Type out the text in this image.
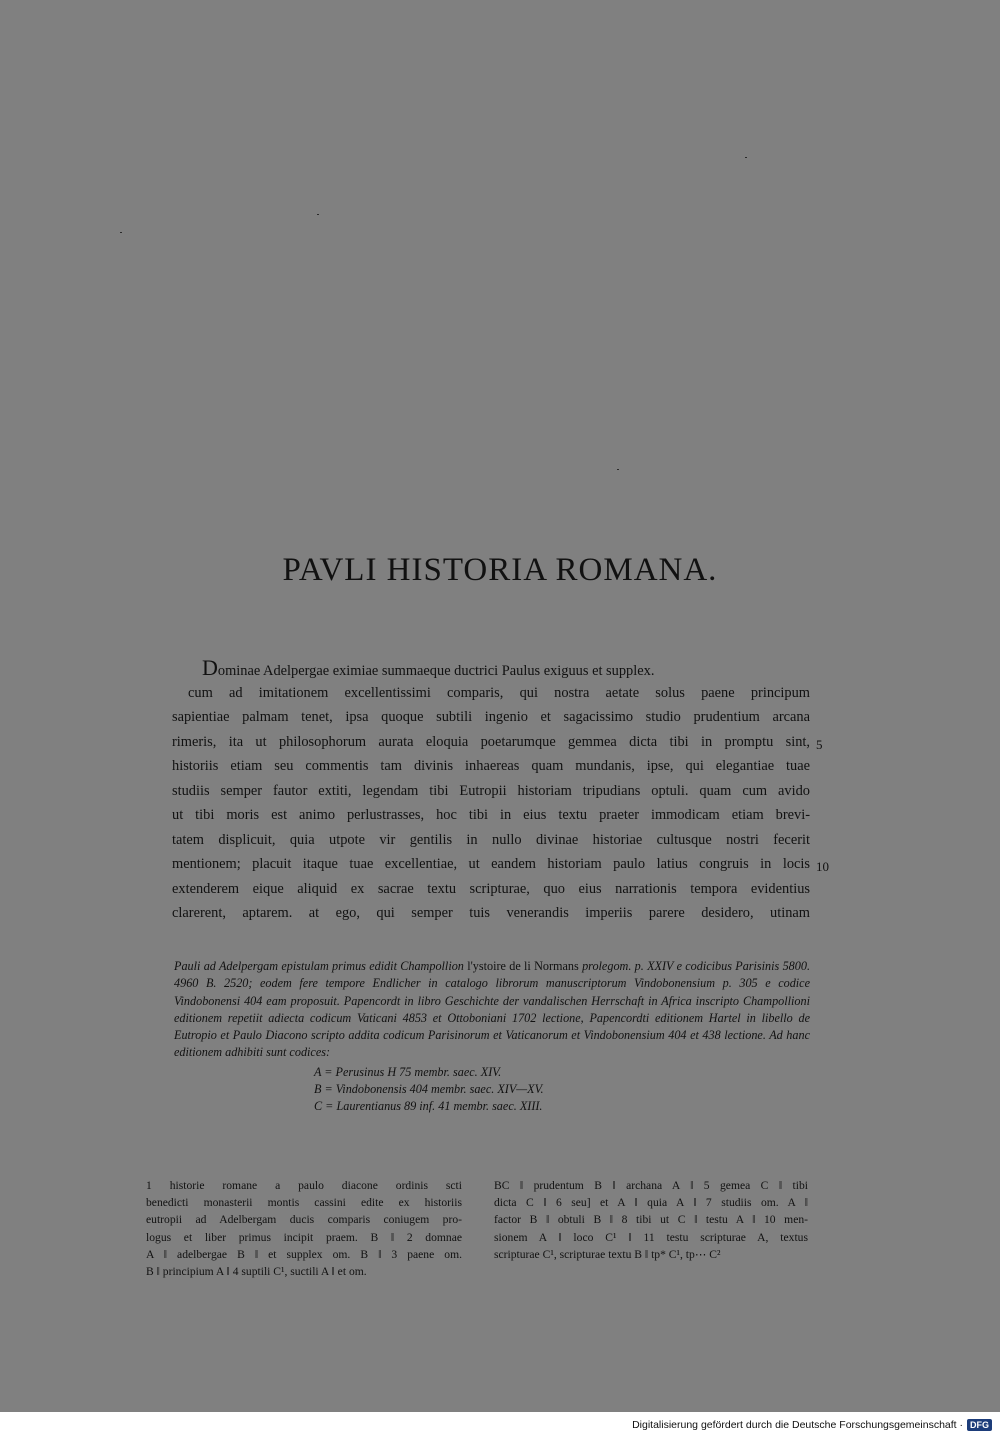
PAVLI HISTORIA ROMANA.
Dominae Adelpergae eximiae summaeque ductrici Paulus exiguus et supplex.
cum ad imitationem excellentissimi comparis, qui nostra aetate solus paene principum
sapientiae palmam tenet, ipsa quoque subtili ingenio et sagacissimo studio prudentium arcana
rimeris, ita ut philosophorum aurata eloquia poetarumque gemmea dicta tibi in promptu sint,
historiis etiam seu commentis tam divinis inhaereas quam mundanis, ipse, qui elegantiae tuae
studiis semper fautor extiti, legendam tibi Eutropii historiam tripudians optuli. quam cum avido
ut tibi moris est animo perlustrasses, hoc tibi in eius textu praeter immodicam etiam brevi-
tatem displicuit, quia utpote vir gentilis in nullo divinae historiae cultusque nostri fecerit
mentionem; placuit itaque tuae excellentiae, ut eandem historiam paulo latius congruis in locis
extenderem eique aliquid ex sacrae textu scripturae, quo eius narrationis tempora evidentius
clarerent, aptarem. at ego, qui semper tuis venerandis imperiis parere desidero, utinam
5
10

Pauli ad Adelpergam epistulam primus edidit Champollion l'ystoire de li Normans prolegom. p. XXIV e codicibus Parisinis 5800. 4960 B. 2520; eodem fere tempore Endlicher in catalogo librorum manuscriptorum Vindobonensium p. 305 e codice Vindobonensi 404 eam proposuit. Papencordt in libro Geschichte der vandalischen Herrschaft in Africa inscripto Champollioni editionem repetiit adiecta codicum Vaticani 4853 et Ottoboniani 1702 lectione, Papencordti editionem Hartel in libello de Eutropio et Paulo Diacono scripto addita codicum Parisinorum et Vaticanorum et Vindobonensium 404 et 438 lectione. Ad hanc editionem adhibiti sunt codices:

A = Perusinus H 75 membr. saec. XIV.
B = Vindobonensis 404 membr. saec. XIV—XV.
C = Laurentianus 89 inf. 41 membr. saec. XIII.
1 historie romane a paulo diacone ordinis scti
benedicti monasterii montis cassini edite ex historiis
eutropii ad Adelbergam ducis comparis coniugem pro-
logus et liber primus incipit praem. B ‖ 2 domnae
A ‖ adelbergae B ‖ et supplex om. B ‖ 3 paene om.
B ‖ principium A ‖ 4 suptili C¹, suctili A ‖ et om.
BC ‖ prudentum B ‖ archana A ‖ 5 gemea C ‖ tibi
dicta C ‖ 6 seu] et A ‖ quia A ‖ 7 studiis om. A ‖
factor B ‖ obtuli B ‖ 8 tibi ut C ‖ testu A ‖ 10 men-
sionem A ‖ loco C¹ ‖ 11 testu scripturae A, textus
scripturae C¹, scripturae textu B ‖ tp* C¹, tp⋯ C²
Digitalisierung gefördert durch die Deutsche Forschungsgemeinschaft · DFG
